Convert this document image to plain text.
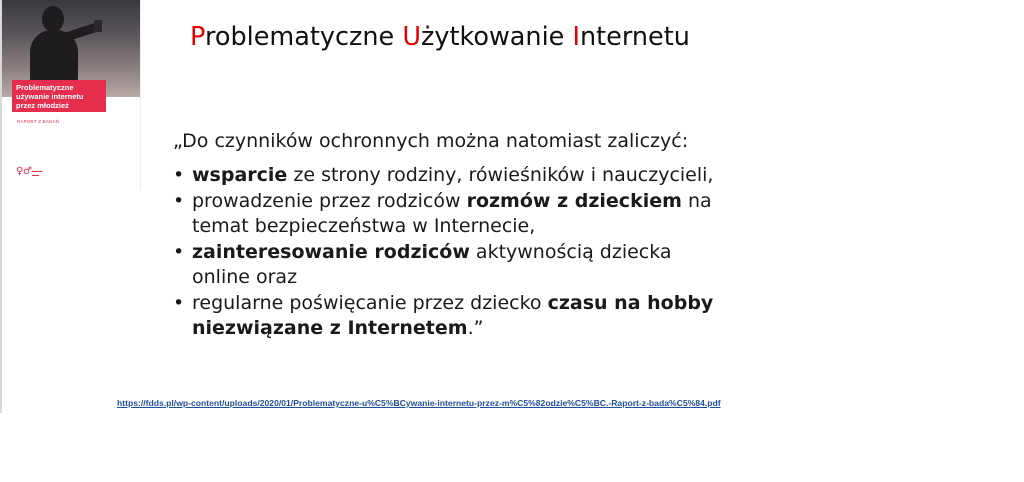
Problematyczne
używanie internetu
przez młodzież
RAPORT Z BADAŃ
♀ ♂ ▬▬▬
▬▬
Problematyczne Użytkowanie Internetu
„Do czynników ochronnych można natomiast zaliczyć:
• wsparcie ze strony rodziny, rówieśników i nauczycieli,
• prowadzenie przez rodziców rozmów z dzieckiem na temat bezpieczeństwa w Internecie,
• zainteresowanie rodziców aktywnością dziecka online oraz
• regularne poświęcanie przez dziecko czasu na hobby niezwiązane z Internetem.”
https://fdds.pl/wp-content/uploads/2020/01/Problematyczne-u%C5%BCywanie-internetu-przez-m%C5%82odzie%C5%BC.-Raport-z-bada%C5%84.pdf
